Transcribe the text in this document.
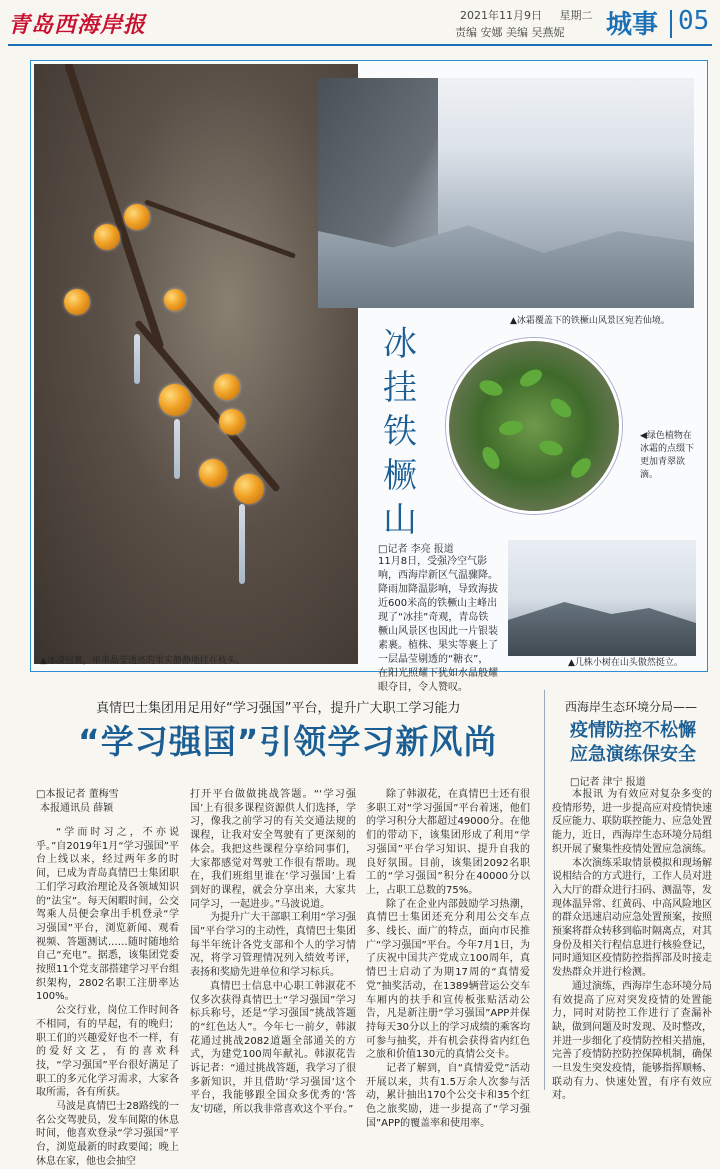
青岛西海岸报	2021年11月9日 星期二
责编 安娜 美编 吴燕妮 城事 05
▲冰凌包裹，串串晶莹透亮的果实静静地挂在枝头。
▲冰霜覆盖下的铁橛山风景区宛若仙境。
冰挂铁橛山
◀绿色植物在冰霜的点缀下更加青翠欲滴。
□记者 李亮 报道
11月8日，受强冷空气影响，西海岸新区气温骤降。降雨加降温影响，导致海拔近600米高的铁橛山主峰出现了“冰挂”奇观，青岛铁橛山风景区也因此一片银装素裹。植株、果实等裹上了一层晶莹剔透的“糖衣”，在阳光照耀下犹如水晶般耀眼夺目，令人赞叹。
▲几株小树在山头傲然挺立。
真情巴士集团用足用好“学习强国”平台，提升广大职工学习能力
“学习强国”引领学习新风尚
□本报记者 董梅雪
本报通讯员 薛颖

“学而时习之，不亦说乎。”自2019年1月“学习强国”平台上线以来，经过两年多的时间，已成为青岛真情巴士集团职工们学习政治理论及各领域知识的“法宝”。每天闲暇时间，公交驾乘人员便会拿出手机登录“学习强国”平台，浏览新闻、观看视频、答题测试……随时随地给自己“充电”。据悉，该集团党委按照11个党支部搭建学习平台组织架构，2802名职工注册率达100%。

公交行业，岗位工作时间各不相同，有的早起，有的晚归；职工们的兴趣爱好也不一样，有的爱好文艺，有的喜欢科技，“学习强国”平台很好满足了职工的多元化学习需求，大家各取所需，各有所获。

马波是真情巴士28路线的一名公交驾驶员，发车间隙的休息时间，他喜欢登录“学习强国”平台，浏览最新的时政要闻；晚上休息在家，他也会抽空

打开平台做做挑战答题。“‘学习强国’上有很多课程资源供人们选择，学习，像我之前学习的有关交通法规的课程，让我对安全驾驶有了更深刻的体会。我把这些课程分享给同事们，大家都感觉对驾驶工作很有帮助。现在，我们班组里谁在‘学习强国’上看到好的课程，就会分享出来，大家共同学习，一起进步。”马波说道。

为提升广大干部职工利用“学习强国”平台学习的主动性，真情巴士集团每半年统计各党支部和个人的学习情况，将学习管理情况列入绩效考评，表扬和奖励先进单位和学习标兵。

真情巴士信息中心职工韩淑花不仅多次获得真情巴士“学习强国”学习标兵称号，还是“学习强国”挑战答题的“红色达人”。今年七一前夕，韩淑花通过挑战2082道题全部通关的方式，为建党100周年献礼。韩淑花告诉记者：“通过挑战答题，我学习了很多新知识，并且借助‘学习强国’这个平台，我能够跟全国众多优秀的‘答友’切磋，所以我非常喜欢这个平台。”

除了韩淑花，在真情巴士还有很多职工对“学习强国”平台着迷，他们的学习积分大都超过49000分。在他们的带动下，该集团形成了利用“学习强国”平台学习知识、提升自我的良好氛围。目前，该集团2092名职工的“学习强国”积分在40000分以上，占职工总数的75%。

除了在企业内部鼓励学习热潮，真情巴士集团还充分利用公交车点多、线长、面广的特点，面向市民推广“学习强国”平台。今年7月1日，为了庆祝中国共产党成立100周年，真情巴士启动了为期17周的“真情爱党”抽奖活动，在1389辆营运公交车车厢内的扶手和宣传板张贴活动公告，凡是新注册“学习强国”APP并保持每天30分以上的学习成绩的乘客均可参与抽奖，并有机会获得省内红色之旅和价值130元的真情公交卡。

记者了解到，自“真情爱党”活动开展以来，共有1.5万余人次参与活动，累计抽出170个公交卡和35个红色之旅奖励，进一步提高了“学习强国”APP的覆盖率和使用率。

西海岸生态环境分局——
疫情防控不松懈
应急演练保安全
□记者 津宁 报道

本报讯 为有效应对复杂多变的疫情形势，进一步提高应对疫情快速反应能力、联防联控能力、应急处置能力，近日，西海岸生态环境分局组织开展了聚集性疫情处置应急演练。

本次演练采取情景模拟和现场解说相结合的方式进行，工作人员对进入大厅的群众进行扫码、测温等，发现体温异常、红黄码、中高风险地区的群众迅速启动应急处置预案，按照预案将群众转移到临时隔离点，对其身份及相关行程信息进行核验登记，同时通知区疫情防控指挥部及时接走发热群众并进行检测。

通过演练，西海岸生态环境分局有效提高了应对突发疫情的处置能力，同时对防控工作进行了查漏补缺，做到问题及时发现、及时整改，并进一步细化了疫情防控相关措施，完善了疫情防控防控保障机制，确保一旦发生突发疫情，能够指挥顺畅、联动有力、快速处置，有序有效应对。
